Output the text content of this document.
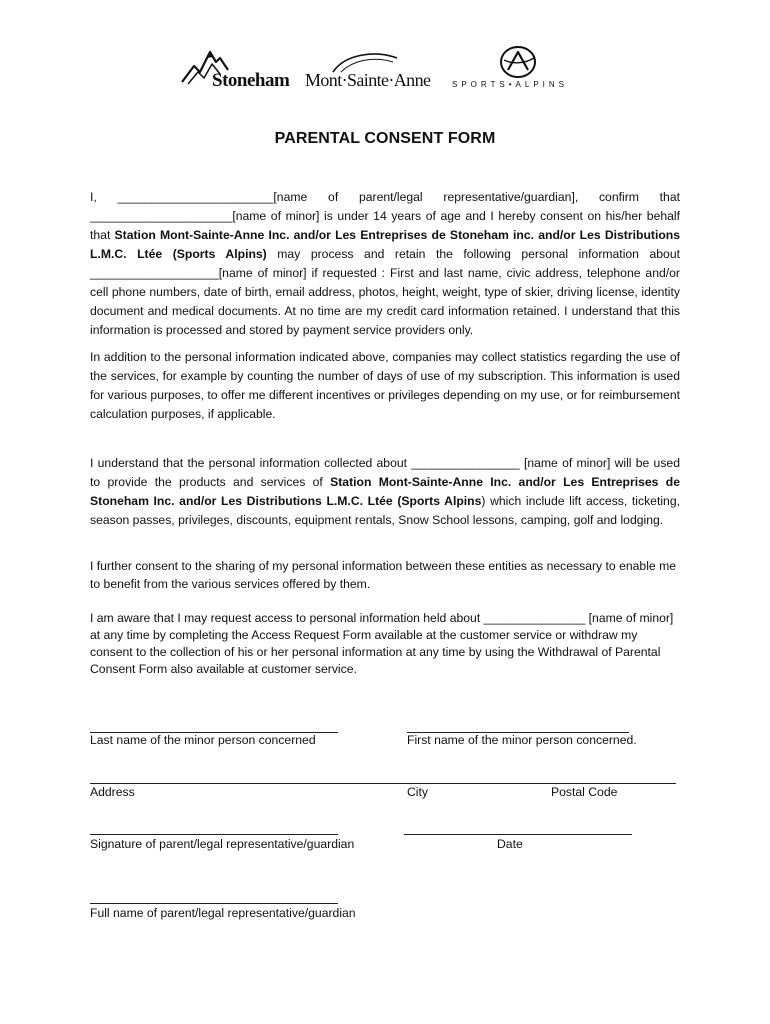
Stoneham Mont·Sainte·Anne	SPORTS•ALPINS
PARENTAL CONSENT FORM
I, _______________________[name of parent/legal representative/guardian], confirm that _____________________[name of minor] is under 14 years of age and I hereby consent on his/her behalf that Station Mont-Sainte-Anne Inc. and/or Les Entreprises de Stoneham inc. and/or Les Distributions L.M.C. Ltée (Sports Alpins) may process and retain the following personal information about ___________________[name of minor] if requested : First and last name, civic address, telephone and/or cell phone numbers, date of birth, email address, photos, height, weight, type of skier, driving license, identity document and medical documents. At no time are my credit card information retained. I understand that this information is processed and stored by payment service providers only.
In addition to the personal information indicated above, companies may collect statistics regarding the use of the services, for example by counting the number of days of use of my subscription. This information is used for various purposes, to offer me different incentives or privileges depending on my use, or for reimbursement calculation purposes, if applicable.
I understand that the personal information collected about ________________ [name of minor] will be used to provide the products and services of Station Mont-Sainte-Anne Inc. and/or Les Entreprises de Stoneham Inc. and/or Les Distributions L.M.C. Ltée (Sports Alpins) which include lift access, ticketing, season passes, privileges, discounts, equipment rentals, Snow School lessons, camping, golf and lodging.
I further consent to the sharing of my personal information between these entities as necessary to enable me to benefit from the various services offered by them.
I am aware that I may request access to personal information held about _______________ [name of minor] at any time by completing the Access Request Form available at the customer service or withdraw my consent to the collection of his or her personal information at any time by using the Withdrawal of Parental Consent Form also available at customer service.
Last name of the minor person concerned	First name of the minor person concerned.
Address	City	Postal Code
Signature of parent/legal representative/guardian	Date
Full name of parent/legal representative/guardian
